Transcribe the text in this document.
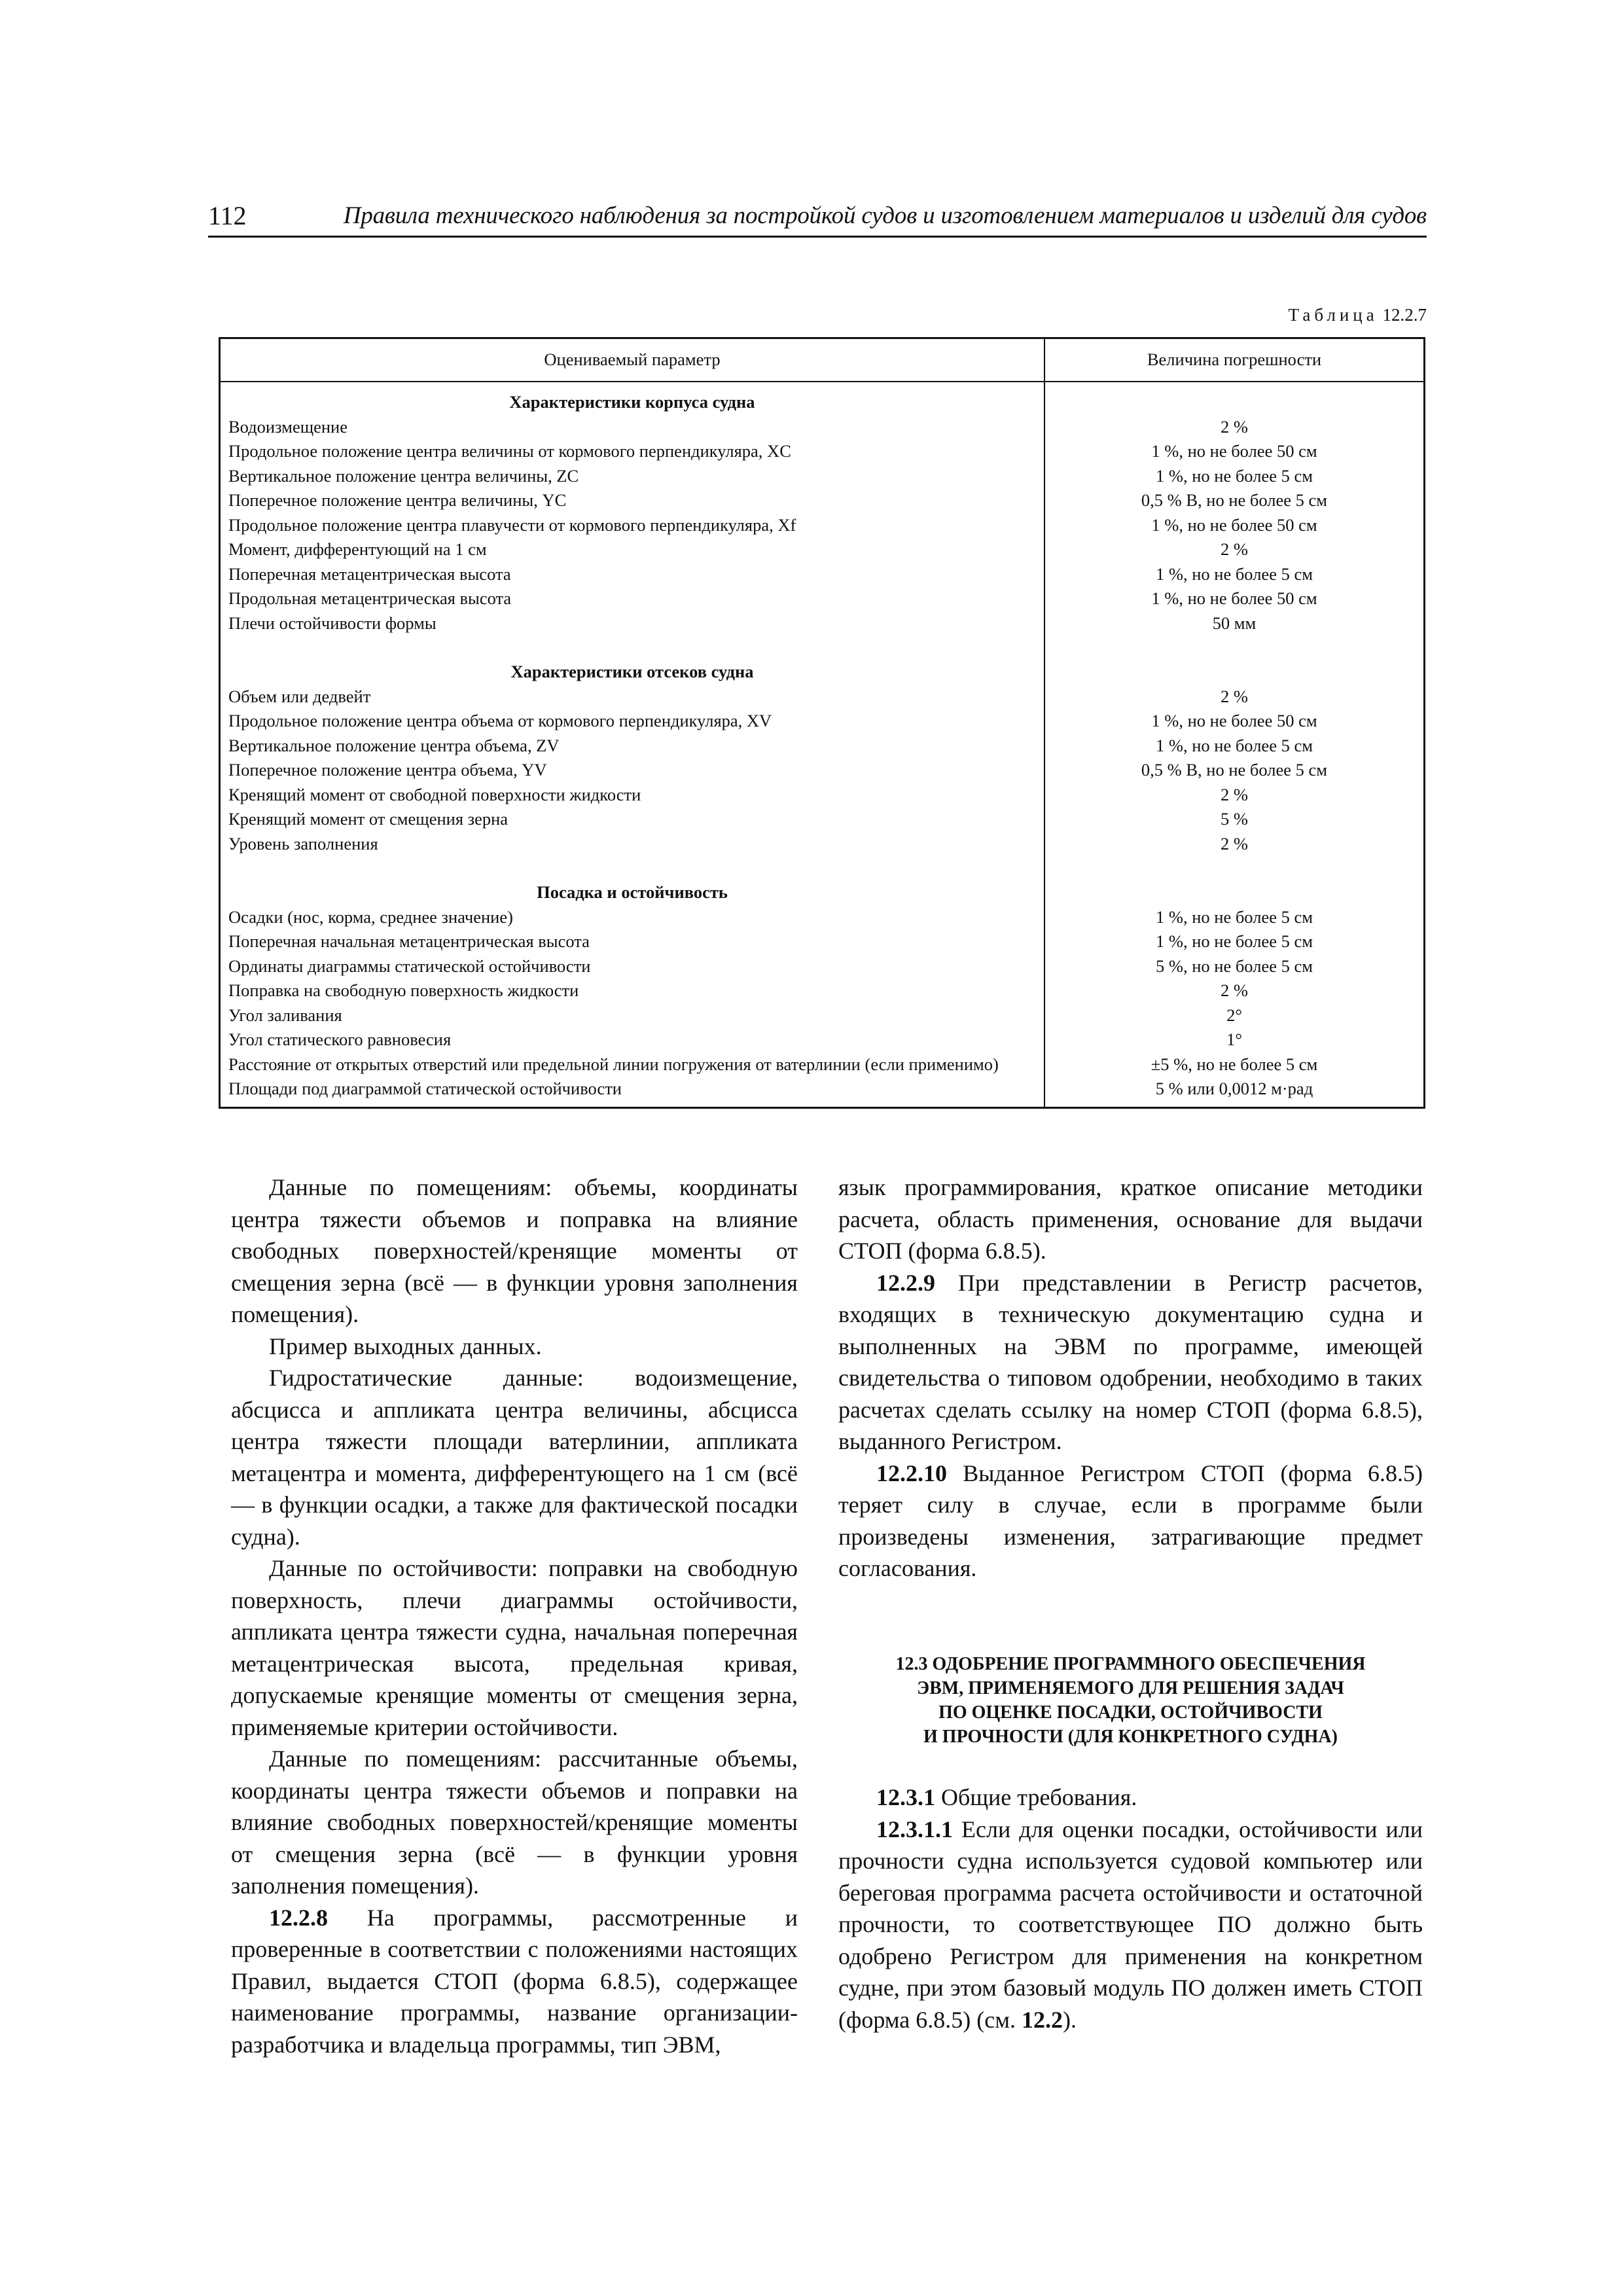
112	Правила технического наблюдения за постройкой судов и изготовлением материалов и изделий для судов
Таблица 12.2.7
Оцениваемый параметр	Величина погрешности

Характеристики корпуса судна	
Водоизмещение	2 %
Продольное положение центра величины от кормового перпендикуляра, XC	1 %, но не более 50 см
Вертикальное положение центра величины, ZC	1 %, но не более 5 см
Поперечное положение центра величины, YC	0,5 % B, но не более 5 см
Продольное положение центра плавучести от кормового перпендикуляра, Xf	1 %, но не более 50 см
Момент, дифферентующий на 1 см	2 %
Поперечная метацентрическая высота	1 %, но не более 5 см
Продольная метацентрическая высота	1 %, но не более 50 см
Плечи остойчивости формы	50 мм

Характеристики отсеков судна	
Объем или дедвейт	2 %
Продольное положение центра объема от кормового перпендикуляра, XV	1 %, но не более 50 см
Вертикальное положение центра объема, ZV	1 %, но не более 5 см
Поперечное положение центра объема, YV	0,5 % B, но не более 5 см
Кренящий момент от свободной поверхности жидкости	2 %
Кренящий момент от смещения зерна	5 %
Уровень заполнения	2 %

Посадка и остойчивость	
Осадки (нос, корма, среднее значение)	1 %, но не более 5 см
Поперечная начальная метацентрическая высота	1 %, но не более 5 см
Ординаты диаграммы статической остойчивости	5 %, но не более 5 см
Поправка на свободную поверхность жидкости	2 %
Угол заливания	2°
Угол статического равновесия	1°
Расстояние от открытых отверстий или предельной линии погружения от ватерлинии (если применимо)	±5 %, но не более 5 см
Площади под диаграммой статической остойчивости	5 % или 0,0012 м·рад

Данные по помещениям: объемы, координаты центра тяжести объемов и поправка на влияние свободных поверхностей/кренящие моменты от смещения зерна (всё — в функции уровня заполнения помещения).

Пример выходных данных.

Гидростатические данные: водоизмещение, абсцисса и аппликата центра величины, абсцисса центра тяжести площади ватерлинии, аппликата метацентра и момента, дифферентующего на 1 см (всё — в функции осадки, а также для фактической посадки судна).

Данные по остойчивости: поправки на свободную поверхность, плечи диаграммы остойчивости, аппликата центра тяжести судна, начальная поперечная метацентрическая высота, предельная кривая, допускаемые кренящие моменты от смещения зерна, применяемые критерии остойчивости.

Данные по помещениям: рассчитанные объемы, координаты центра тяжести объемов и поправки на влияние свободных поверхностей/кренящие моменты от смещения зерна (всё — в функции уровня заполнения помещения).

12.2.8 На программы, рассмотренные и проверенные в соответствии с положениями настоящих Правил, выдается СТОП (форма 6.8.5), содержащее наименование программы, название организации-разработчика и владельца программы, тип ЭВМ,

язык программирования, краткое описание методики расчета, область применения, основание для выдачи СТОП (форма 6.8.5).

12.2.9 При представлении в Регистр расчетов, входящих в техническую документацию судна и выполненных на ЭВМ по программе, имеющей свидетельства о типовом одобрении, необходимо в таких расчетах сделать ссылку на номер СТОП (форма 6.8.5), выданного Регистром.

12.2.10 Выданное Регистром СТОП (форма 6.8.5) теряет силу в случае, если в программе были произведены изменения, затрагивающие предмет согласования.

12.3 ОДОБРЕНИЕ ПРОГРАММНОГО ОБЕСПЕЧЕНИЯ
ЭВМ, ПРИМЕНЯЕМОГО ДЛЯ РЕШЕНИЯ ЗАДАЧ
ПО ОЦЕНКЕ ПОСАДКИ, ОСТОЙЧИВОСТИ
И ПРОЧНОСТИ (ДЛЯ КОНКРЕТНОГО СУДНА)

12.3.1 Общие требования.

12.3.1.1 Если для оценки посадки, остойчивости или прочности судна используется судовой компьютер или береговая программа расчета остойчивости и остаточной прочности, то соответствующее ПО должно быть одобрено Регистром для применения на конкретном судне, при этом базовый модуль ПО должен иметь СТОП (форма 6.8.5) (см. 12.2).
